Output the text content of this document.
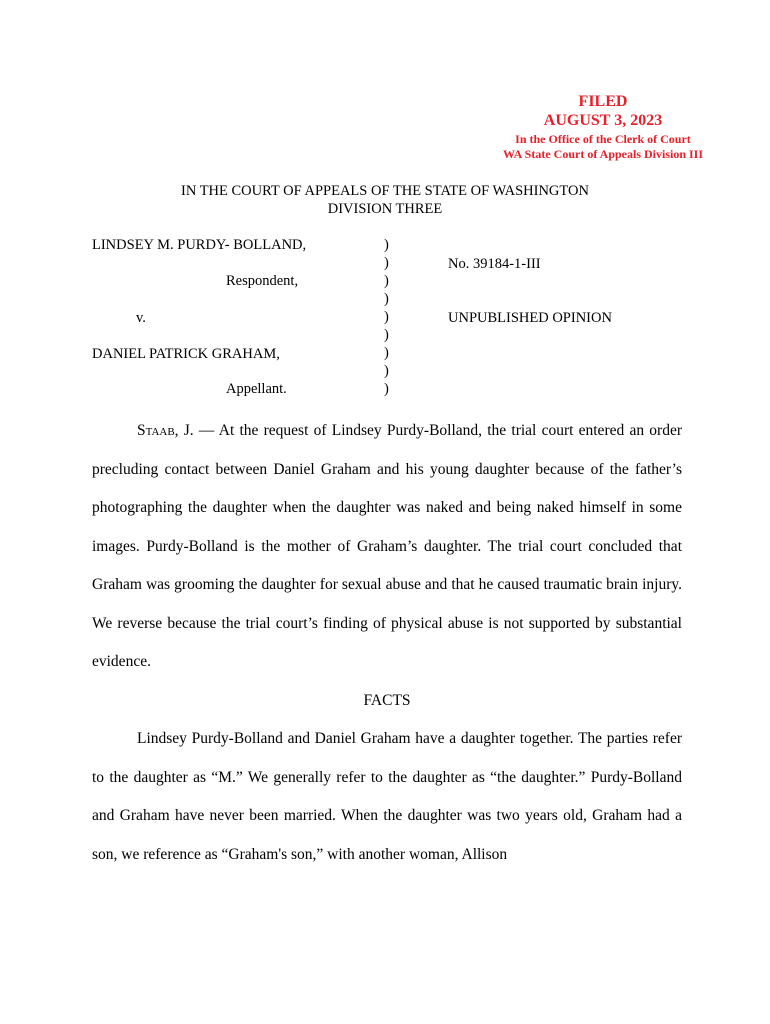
FILED
AUGUST 3, 2023
In the Office of the Clerk of Court
WA State Court of Appeals Division III
IN THE COURT OF APPEALS OF THE STATE OF WASHINGTON
DIVISION THREE
LINDSEY M. PURDY- BOLLAND,
Respondent,
v.
DANIEL PATRICK GRAHAM,
Appellant.
)
)
)
)
)
)
)
)
)
No. 39184-1-III
UNPUBLISHED OPINION

Staab, J. — At the request of Lindsey Purdy-Bolland, the trial court entered an order precluding contact between Daniel Graham and his young daughter because of the father’s photographing the daughter when the daughter was naked and being naked himself in some images. Purdy-Bolland is the mother of Graham’s daughter. The trial court concluded that Graham was grooming the daughter for sexual abuse and that he caused traumatic brain injury. We reverse because the trial court’s finding of physical abuse is not supported by substantial evidence.

FACTS

Lindsey Purdy-Bolland and Daniel Graham have a daughter together. The parties refer to the daughter as “M.” We generally refer to the daughter as “the daughter.” Purdy-Bolland and Graham have never been married. When the daughter was two years old, Graham had a son, we reference as “Graham's son,” with another woman, Allison
